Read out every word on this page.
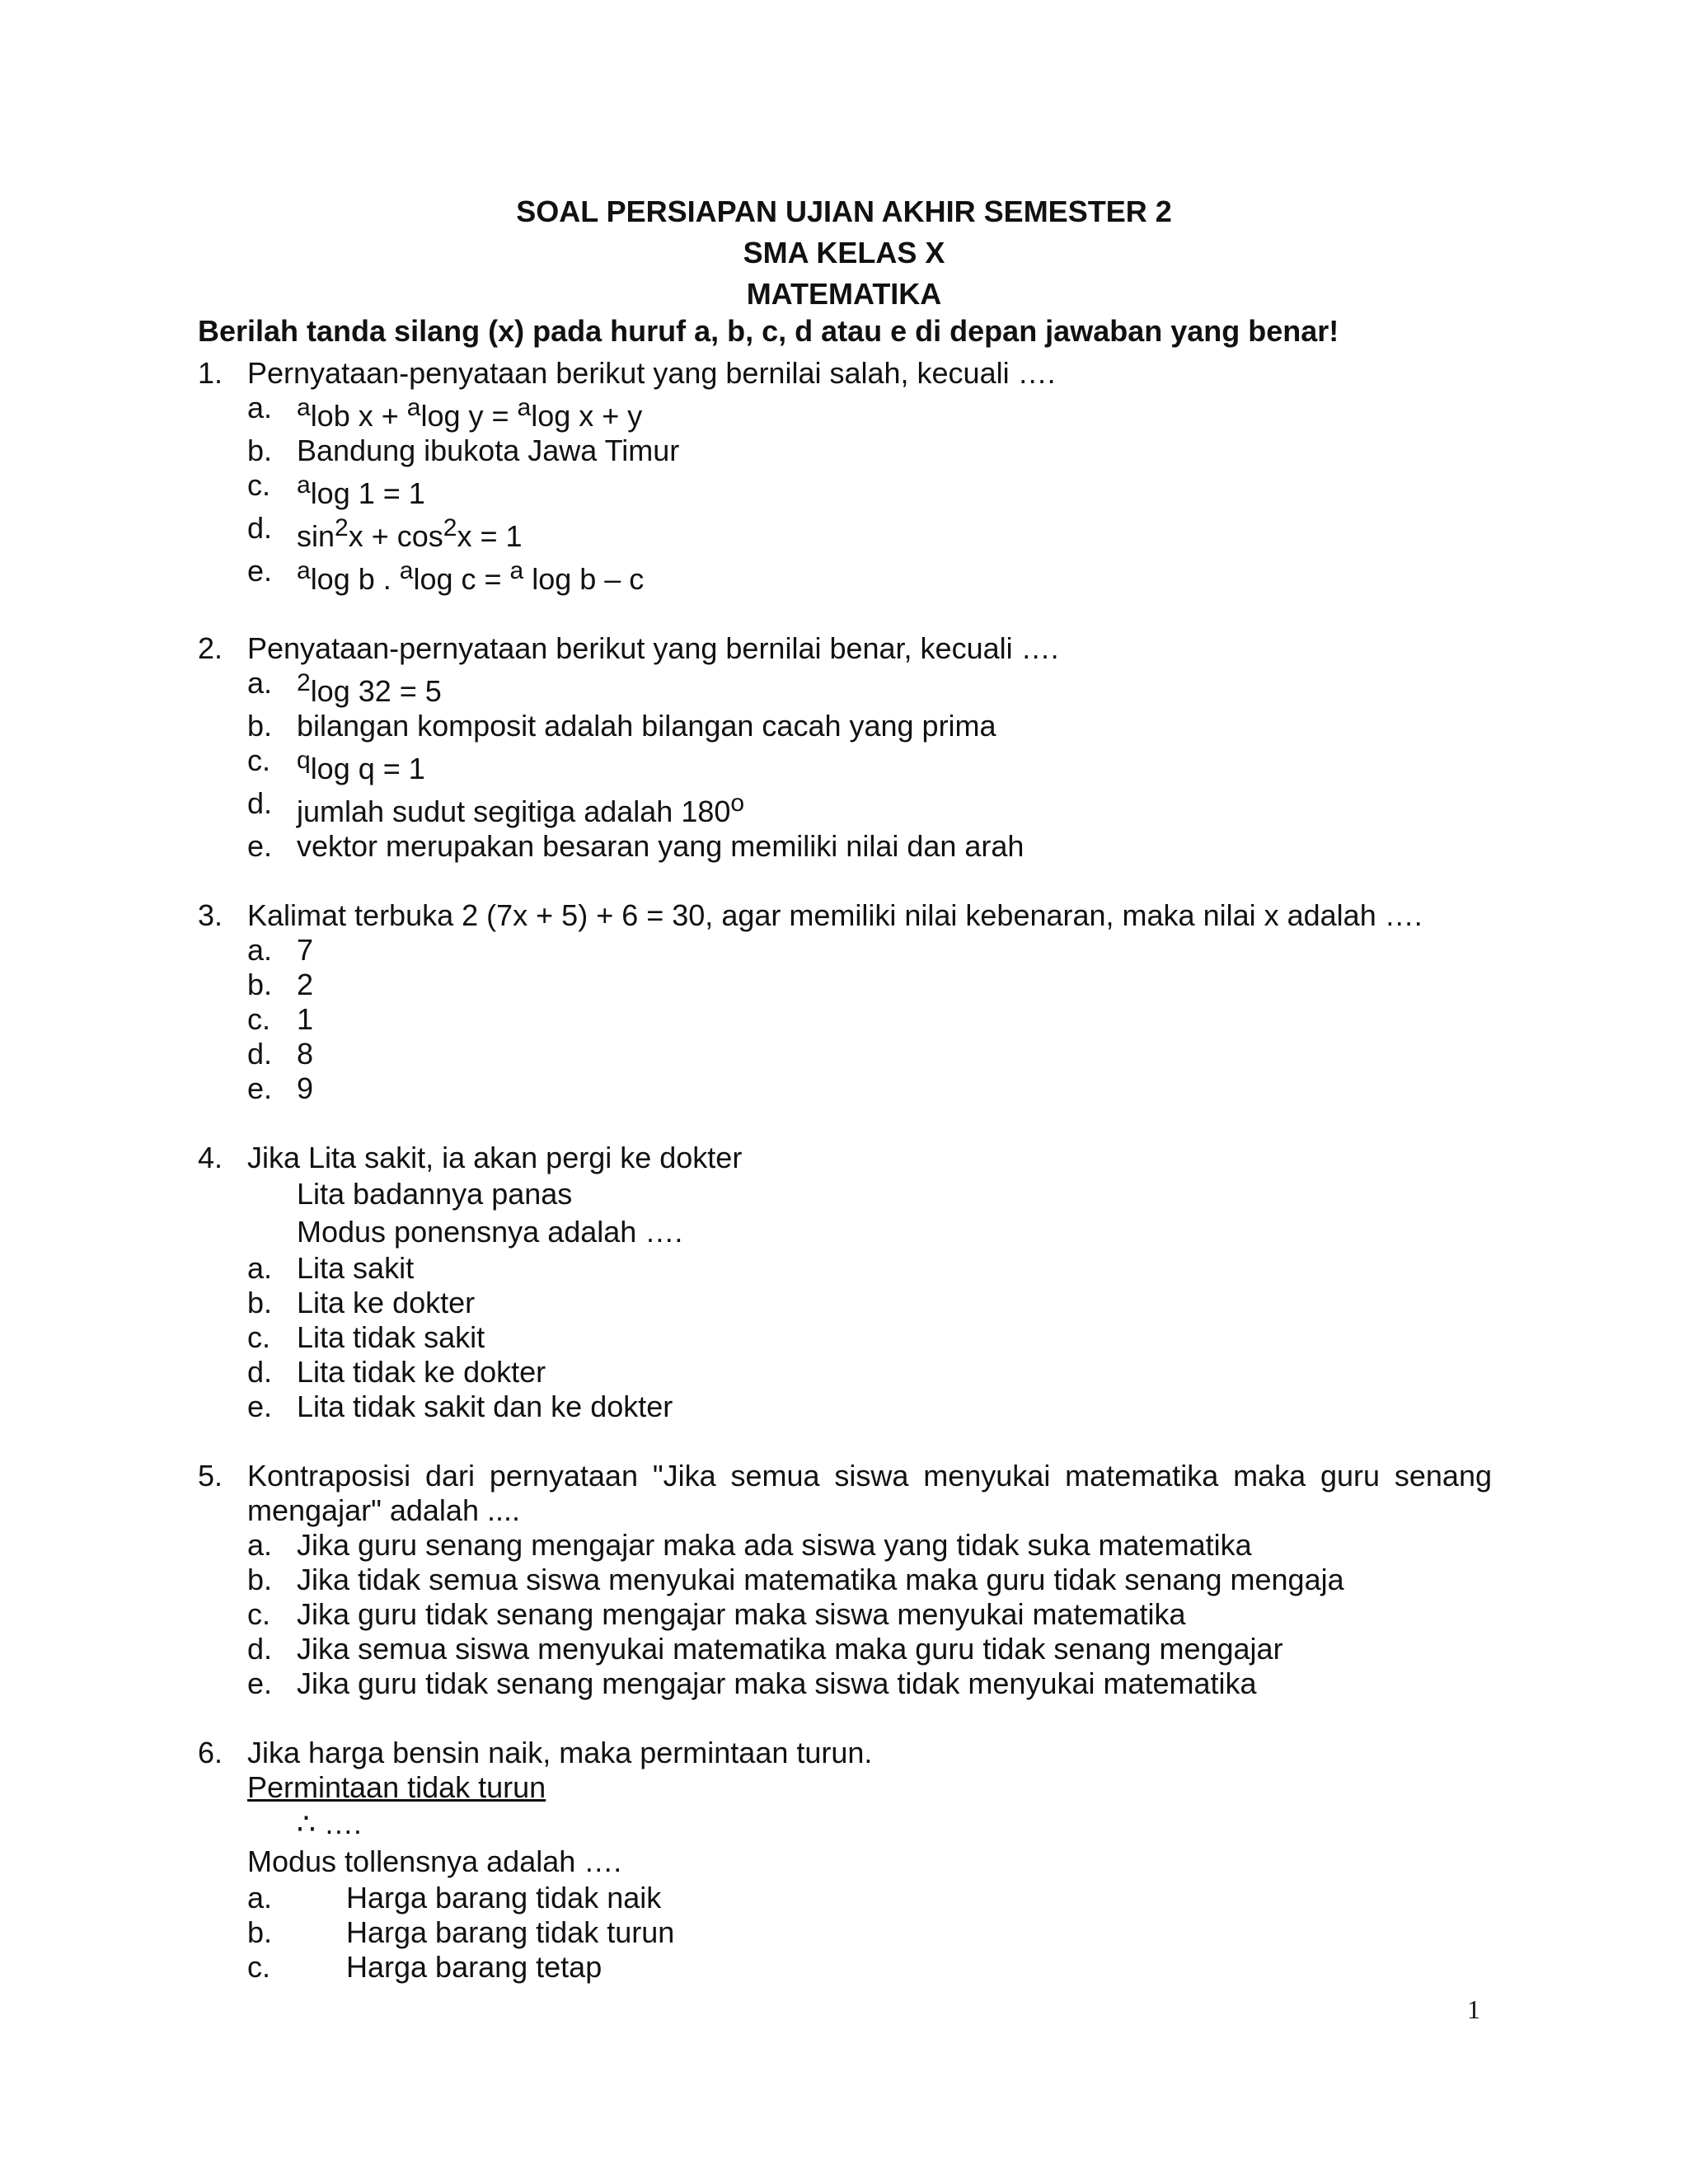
SOAL PERSIAPAN UJIAN AKHIR SEMESTER 2
SMA KELAS X
MATEMATIKA
Berilah tanda silang (x) pada huruf a, b, c, d atau e di depan jawaban yang benar!
1. Pernyataan-penyataan berikut yang bernilai salah, kecuali ….
a. $^a$lob x + $^a$log y = $^a$log x + y
b. Bandung ibukota Jawa Timur
c.	$^a$log 1 = 1
d. $\sin^2x + \cos^2x = 1$
e. $^a$log b . $^a$log c = $^a$ log b – c
2. Penyataan-pernyataan berikut yang bernilai benar, kecuali ….
a. $^2$log 32 = 5
b. bilangan komposit adalah bilangan cacah yang prima
c.	$^q$log q = 1
d. jumlah sudut segitiga adalah 180$^o$
e. vektor merupakan besaran yang memiliki nilai dan arah
3. Kalimat terbuka 2 (7x + 5) + 6 = 30, agar memiliki nilai kebenaran, maka nilai x adalah ….
a. 7
b. 2
c. 1
d. 8
e. 9
4. Jika Lita sakit, ia akan pergi ke dokter
Lita badannya panas
Modus ponensnya adalah ….
a. Lita sakit
b. Lita ke dokter
c. Lita tidak sakit
d. Lita tidak ke dokter
e. Lita tidak sakit dan ke dokter
5. Kontraposisi dari pernyataan "Jika semua siswa menyukai matematika maka guru senang
mengajar" adalah ....
a. Jika guru senang mengajar maka ada siswa yang tidak suka matematika
b. Jika tidak semua siswa menyukai matematika maka guru tidak senang mengaja
c. Jika guru tidak senang mengajar maka siswa menyukai matematika
d. Jika semua siswa menyukai matematika maka guru tidak senang mengajar
e. Jika guru tidak senang mengajar maka siswa tidak menyukai matematika
6. Jika harga bensin naik, maka permintaan turun.
Permintaan tidak turun
∴ ….
Modus tollensnya adalah ….
a.	Harga barang tidak naik
b.	Harga barang tidak turun
c.	Harga barang tetap
1
